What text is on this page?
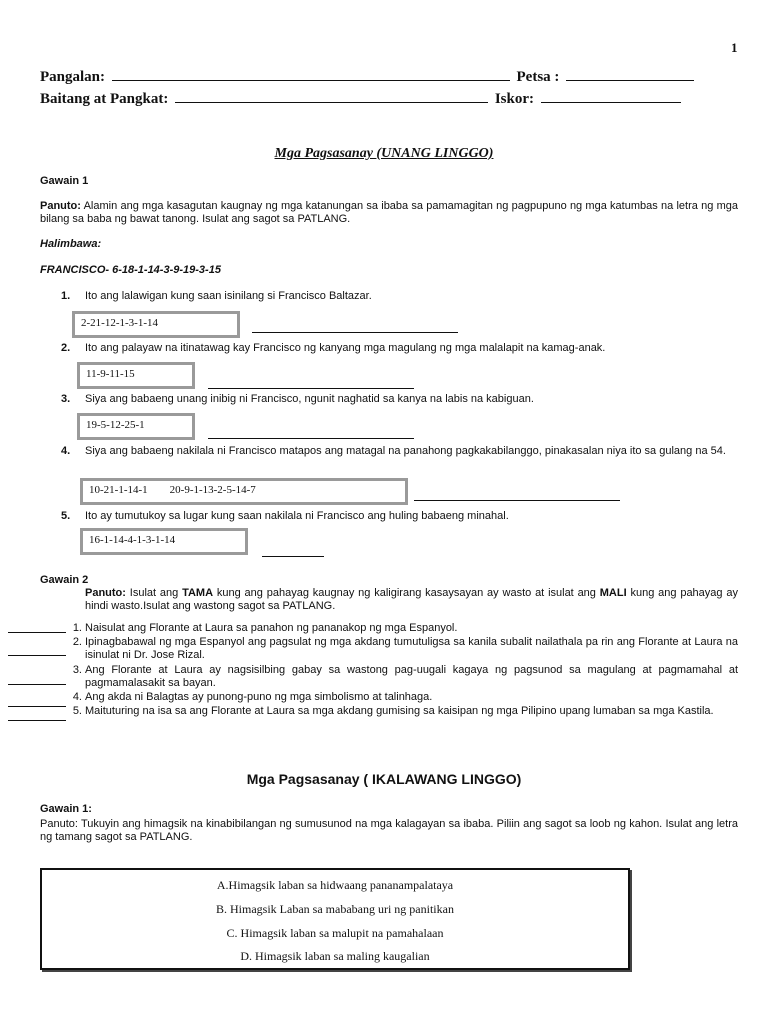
1
Pangalan:	Petsa :
Baitang at Pangkat:	Iskor:
Mga Pagsasanay (UNANG LINGGO)
Gawain 1
Panuto: Alamin ang mga kasagutan kaugnay ng mga katanungan sa ibaba sa pamamagitan ng pagpupuno ng mga katumbas na letra ng mga bilang sa baba ng bawat tanong. Isulat ang sagot sa PATLANG.
Halimbawa:
FRANCISCO- 6-18-1-14-3-9-19-3-15
1. Ito ang lalawigan kung saan isinilang si Francisco Baltazar.
2-21-12-1-3-1-14
2. Ito ang palayaw na itinatawag kay Francisco ng kanyang mga magulang ng mga malalapit na kamag-anak.
11-9-11-15
3. Siya ang babaeng unang inibig ni Francisco, ngunit naghatid sa kanya na labis na kabiguan.
19-5-12-25-1
4. Siya ang babaeng nakilala ni Francisco matapos ang matagal na panahong pagkakabilanggo, pinakasalan niya ito sa gulang na 54.
10-21-1-14-1        20-9-1-13-2-5-14-7
5. Ito ay tumutukoy sa lugar kung saan nakilala ni Francisco ang huling babaeng minahal.
16-1-14-4-1-3-1-14
Gawain 2
Panuto: Isulat ang TAMA kung ang pahayag kaugnay ng kaligirang kasaysayan ay wasto at isulat ang MALI kung ang pahayag ay hindi wasto.Isulat ang wastong sagot sa PATLANG.
1. Naisulat ang Florante at Laura sa panahon ng pananakop ng mga Espanyol.
2. Ipinagbabawal ng mga Espanyol ang pagsulat ng mga akdang tumutuligsa sa kanila subalit nailathala pa rin ang Florante at Laura na isinulat ni Dr. Jose Rizal.
3. Ang Florante at Laura ay nagsisilbing gabay sa wastong pag-uugali kagaya ng pagsunod sa magulang at pagmamahal at pagmamalasakit sa bayan.
4. Ang akda ni Balagtas ay punong-puno ng mga simbolismo at talinhaga.
5. Maituturing na isa sa ang Florante at Laura sa mga akdang gumising sa kaisipan ng mga Pilipino upang lumaban sa mga Kastila.
Mga Pagsasanay ( IKALAWANG LINGGO)
Gawain 1:
Panuto: Tukuyin ang himagsik na kinabibilangan ng sumusunod na mga kalagayan sa ibaba. Piliin ang sagot sa loob ng kahon. Isulat ang letra ng tamang sagot sa PATLANG.
A.Himagsik laban sa hidwaang pananampalataya
B. Himagsik Laban sa mababang uri ng panitikan
C. Himagsik laban sa malupit na pamahalaan
D. Himagsik laban sa maling kaugalian
